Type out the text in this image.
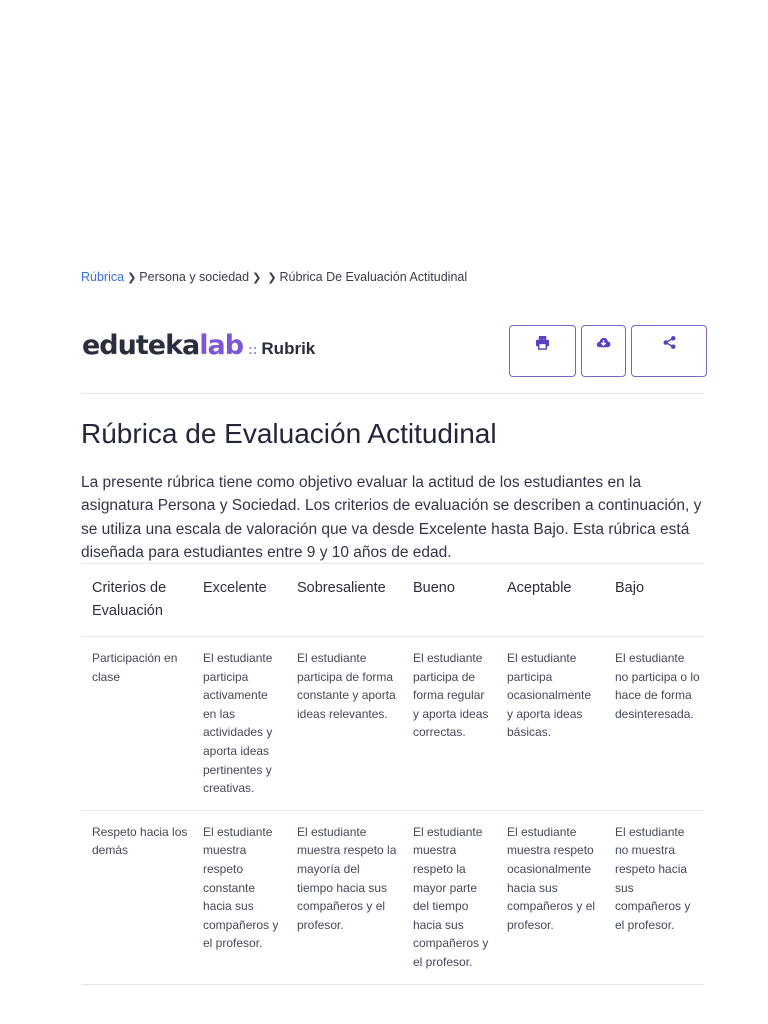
Rúbrica ❯ Persona y sociedad ❯ ❯ Rúbrica De Evaluación Actitudinal
eduteka lab :: Rubrik
Rúbrica de Evaluación Actitudinal

La presente rúbrica tiene como objetivo evaluar la actitud de los estudiantes en la asignatura Persona y Sociedad. Los criterios de evaluación se describen a continuación, y se utiliza una escala de valoración que va desde Excelente hasta Bajo. Esta rúbrica está diseñada para estudiantes entre 9 y 10 años de edad.

Criterios de Evaluación	Excelente	Sobresaliente	Bueno	Aceptable	Bajo
Participación en clase	El estudiante participa activamente en las actividades y aporta ideas pertinentes y creativas.	El estudiante participa de forma constante y aporta ideas relevantes.	El estudiante participa de forma regular y aporta ideas correctas.	El estudiante participa ocasionalmente y aporta ideas básicas.	El estudiante no participa o lo hace de forma desinteresada.
Respeto hacia los demás	El estudiante muestra respeto constante hacia sus compañeros y el profesor.	El estudiante muestra respeto la mayoría del tiempo hacia sus compañeros y el profesor.	El estudiante muestra respeto la mayor parte del tiempo hacia sus compañeros y el profesor.	El estudiante muestra respeto ocasionalmente hacia sus compañeros y el profesor.	El estudiante no muestra respeto hacia sus compañeros y el profesor.
